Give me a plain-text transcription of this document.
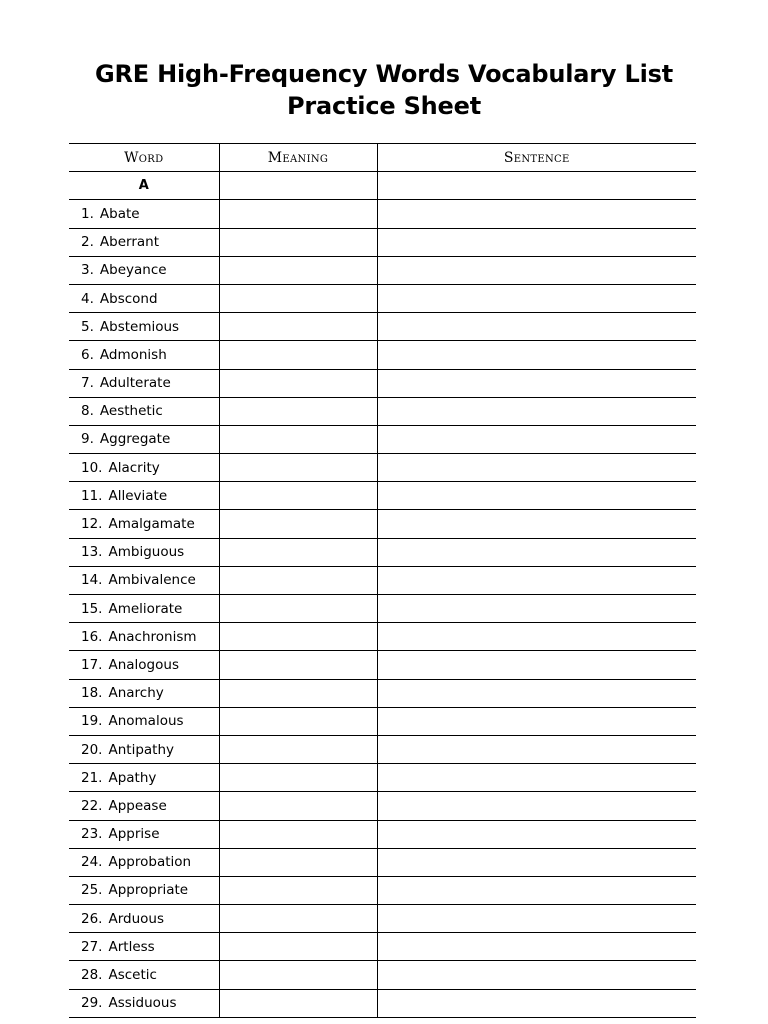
GRE High-Frequency Words Vocabulary List Practice Sheet
Word	Meaning	Sentence
A		
1. Abate		
2. Aberrant		
3. Abeyance		
4. Abscond		
5. Abstemious		
6. Admonish		
7. Adulterate		
8. Aesthetic		
9. Aggregate		
10. Alacrity		
11. Alleviate		
12. Amalgamate		
13. Ambiguous		
14. Ambivalence		
15. Ameliorate		
16. Anachronism		
17. Analogous		
18. Anarchy		
19. Anomalous		
20. Antipathy		
21. Apathy		
22. Appease		
23. Apprise		
24. Approbation		
25. Appropriate		
26. Arduous		
27. Artless		
28. Ascetic		
29. Assiduous		
